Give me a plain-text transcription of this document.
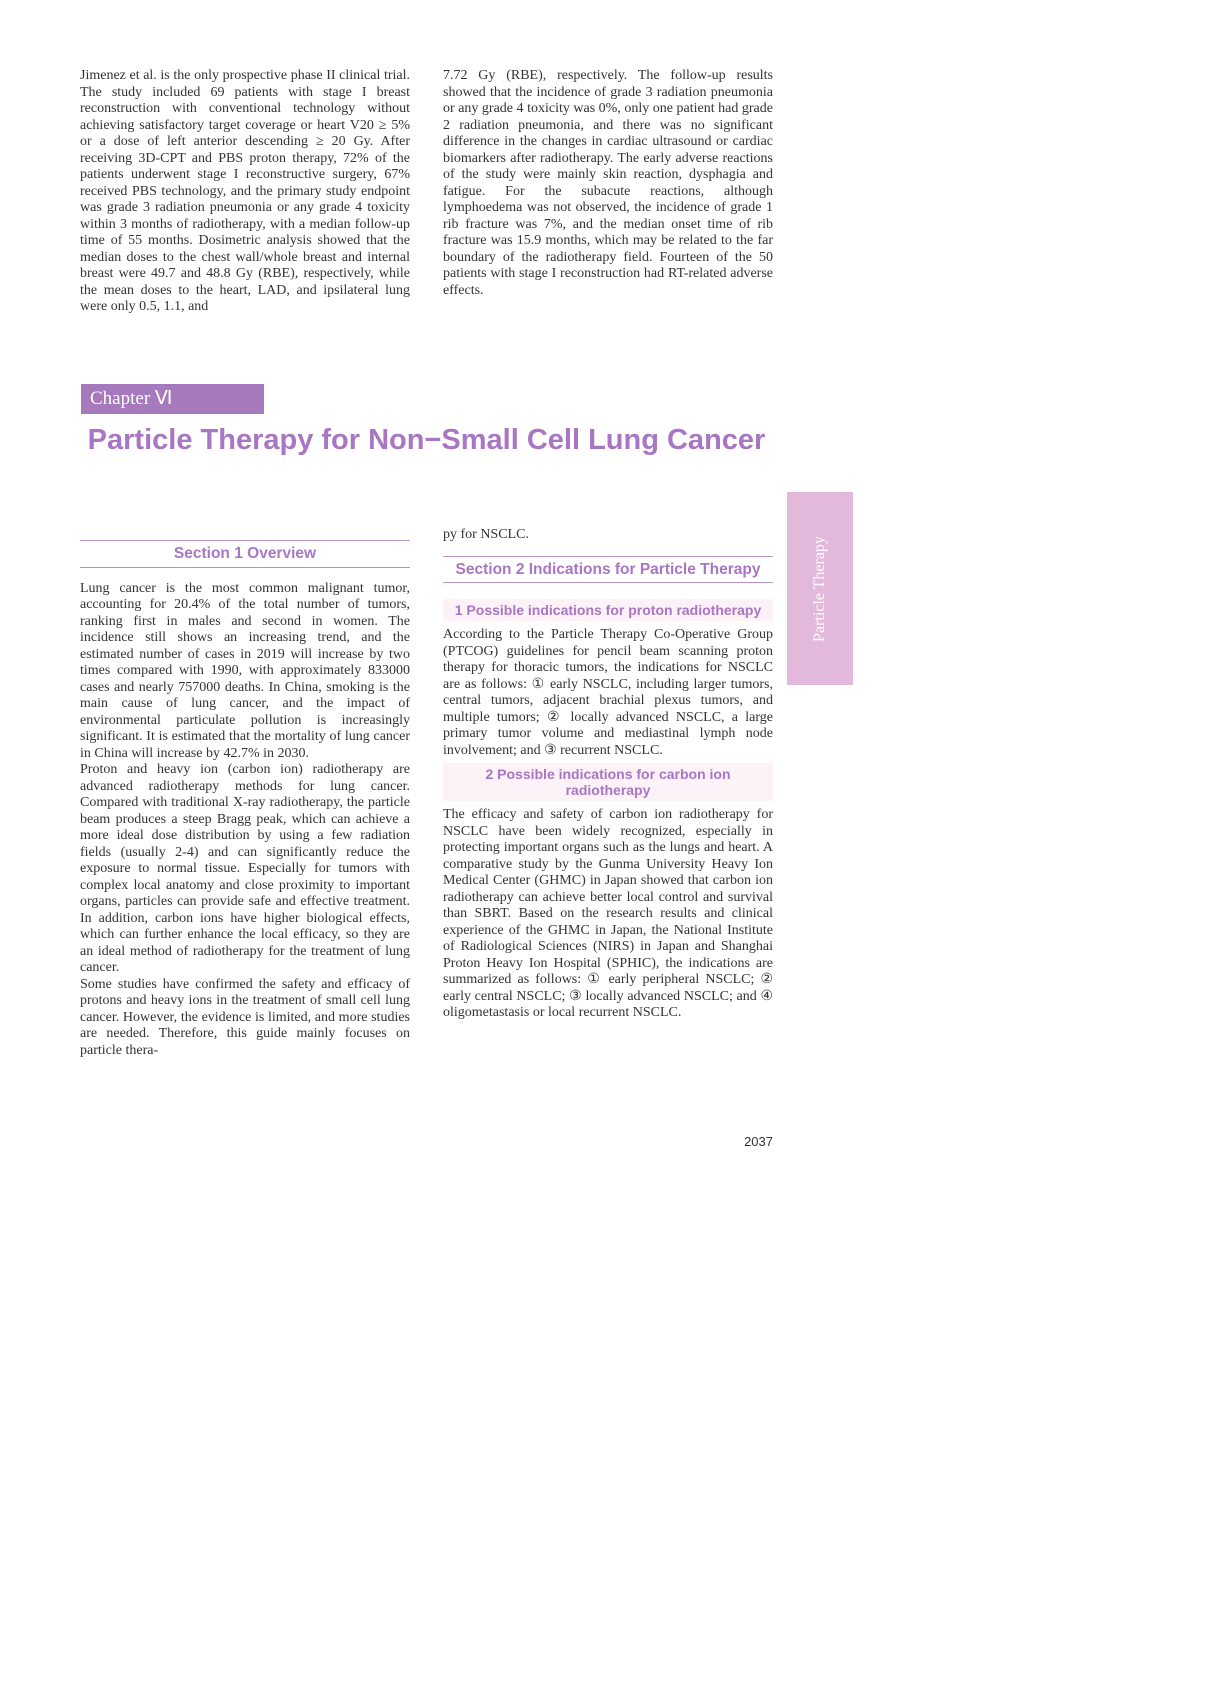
Jimenez et al. is the only prospective phase II clinical trial. The study included 69 patients with stage I breast reconstruction with conventional technology without achieving satisfactory target coverage or heart V20 ≥ 5% or a dose of left anterior descending ≥ 20 Gy. After receiving 3D-CPT and PBS proton therapy, 72% of the patients underwent stage I reconstructive surgery, 67% received PBS technology, and the primary study endpoint was grade 3 radiation pneumonia or any grade 4 toxicity within 3 months of radiotherapy, with a median follow-up time of 55 months. Dosimetric analysis showed that the median doses to the chest wall/whole breast and internal breast were 49.7 and 48.8 Gy (RBE), respectively, while the mean doses to the heart, LAD, and ipsilateral lung were only 0.5, 1.1, and

7.72 Gy (RBE), respectively. The follow-up results showed that the incidence of grade 3 radiation pneumonia or any grade 4 toxicity was 0%, only one patient had grade 2 radiation pneumonia, and there was no significant difference in the changes in cardiac ultrasound or cardiac biomarkers after radiotherapy. The early adverse reactions of the study were mainly skin reaction, dysphagia and fatigue. For the subacute reactions, although lymphoedema was not observed, the incidence of grade 1 rib fracture was 7%, and the median onset time of rib fracture was 15.9 months, which may be related to the far boundary of the radiotherapy field. Fourteen of the 50 patients with stage I reconstruction had RT-related adverse effects.

Chapter Ⅵ
Particle Therapy for Non−Small Cell Lung Cancer
Section 1 Overview

Lung cancer is the most common malignant tumor, accounting for 20.4% of the total number of tumors, ranking first in males and second in women. The incidence still shows an increasing trend, and the estimated number of cases in 2019 will increase by two times compared with 1990, with approximately 833000 cases and nearly 757000 deaths. In China, smoking is the main cause of lung cancer, and the impact of environmental particulate pollution is increasingly significant. It is estimated that the mortality of lung cancer in China will increase by 42.7% in 2030.

Proton and heavy ion (carbon ion) radiotherapy are advanced radiotherapy methods for lung cancer. Compared with traditional X-ray radiotherapy, the particle beam produces a steep Bragg peak, which can achieve a more ideal dose distribution by using a few radiation fields (usually 2-4) and can significantly reduce the exposure to normal tissue. Especially for tumors with complex local anatomy and close proximity to important organs, particles can provide safe and effective treatment. In addition, carbon ions have higher biological effects, which can further enhance the local efficacy, so they are an ideal method of radiotherapy for the treatment of lung cancer.

Some studies have confirmed the safety and efficacy of protons and heavy ions in the treatment of small cell lung cancer. However, the evidence is limited, and more studies are needed. Therefore, this guide mainly focuses on particle thera-

py for NSCLC.

Section 2 Indications for Particle Therapy
1 Possible indications for proton radiotherapy

According to the Particle Therapy Co-Operative Group (PTCOG) guidelines for pencil beam scanning proton therapy for thoracic tumors, the indications for NSCLC are as follows: ① early NSCLC, including larger tumors, central tumors, adjacent brachial plexus tumors, and multiple tumors; ② locally advanced NSCLC, a large primary tumor volume and mediastinal lymph node involvement; and ③ recurrent NSCLC.

2 Possible indications for carbon ion radiotherapy

The efficacy and safety of carbon ion radiotherapy for NSCLC have been widely recognized, especially in protecting important organs such as the lungs and heart. A comparative study by the Gunma University Heavy Ion Medical Center (GHMC) in Japan showed that carbon ion radiotherapy can achieve better local control and survival than SBRT. Based on the research results and clinical experience of the GHMC in Japan, the National Institute of Radiological Sciences (NIRS) in Japan and Shanghai Proton Heavy Ion Hospital (SPHIC), the indications are summarized as follows: ① early peripheral NSCLC; ② early central NSCLC; ③ locally advanced NSCLC; and ④ oligometastasis or local recurrent NSCLC.

Particle Therapy
2037
